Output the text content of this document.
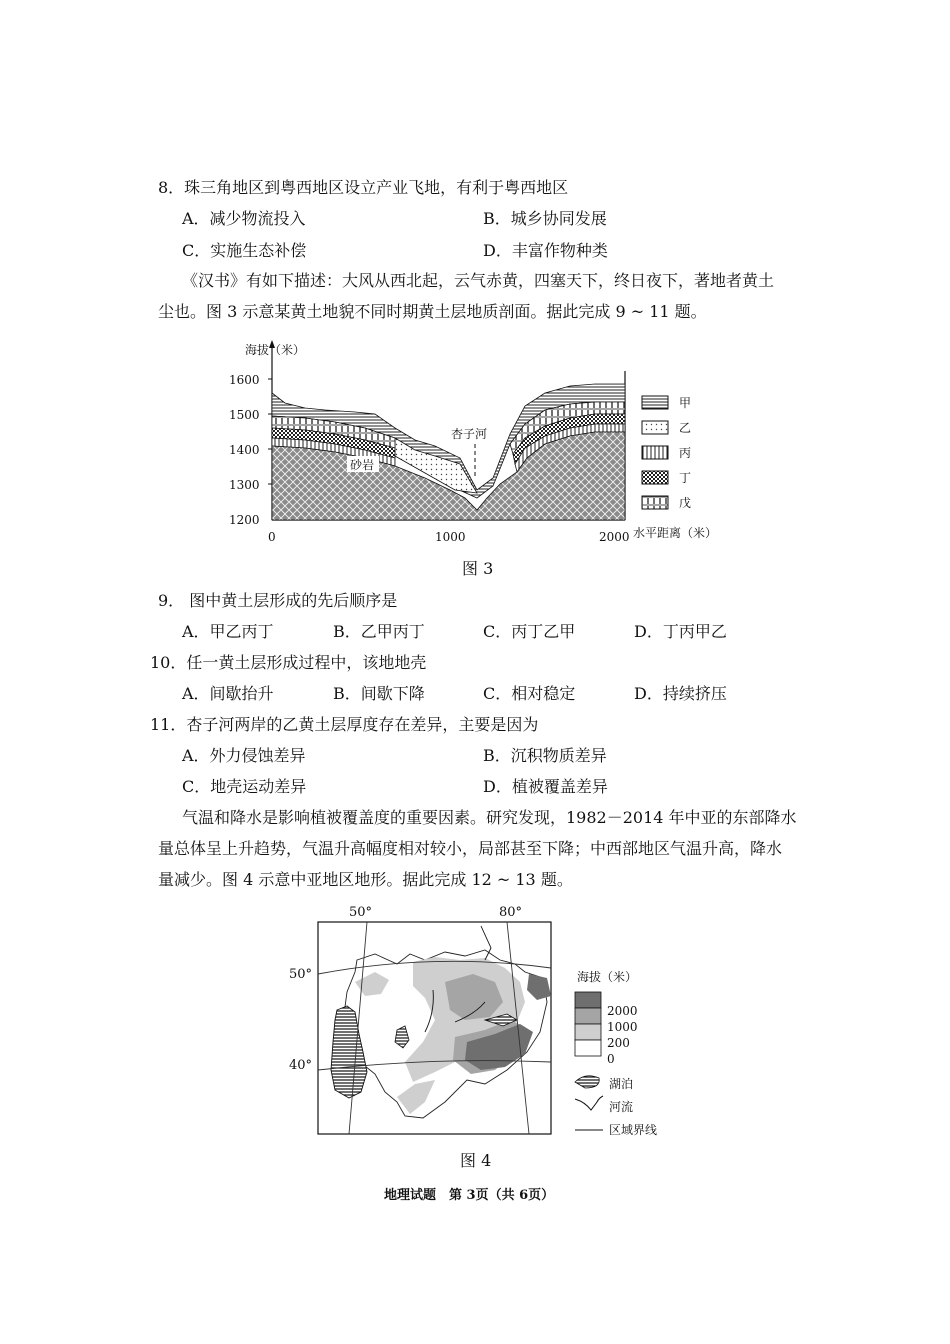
8．珠三角地区到粤西地区设立产业飞地，有利于粤西地区
A．减少物流投入	B．城乡协同发展
C．实施生态补偿	D．丰富作物种类
《汉书》有如下描述：大风从西北起，云气赤黄，四塞天下，终日夜下，著地者黄土
尘也。图 3 示意某黄土地貌不同时期黄土层地质剖面。据此完成 9 ~ 11 题。
海拔（米）
1600
1500
1400
1300
1200
0	1000	2000 水平距离（米）
砂岩
杏子河
甲
乙
丙
丁
戊
图 3
9． 图中黄土层形成的先后顺序是
A．甲乙丙丁	B．乙甲丙丁	C．丙丁乙甲	D．丁丙甲乙
10．任一黄土层形成过程中，该地地壳
A．间歇抬升	B．间歇下降	C．相对稳定	D．持续挤压
11．杏子河两岸的乙黄土层厚度存在差异，主要是因为
A．外力侵蚀差异	B．沉积物质差异
C．地壳运动差异	D．植被覆盖差异
气温和降水是影响植被覆盖度的重要因素。研究发现，1982－2014 年中亚的东部降水
量总体呈上升趋势，气温升高幅度相对较小，局部甚至下降；中西部地区气温升高，降水
量减少。图 4 示意中亚地区地形。据此完成 12 ~ 13 题。
50°	80°
50°
40°
海拔（米）
2000
1000
200
0
湖泊
河流
区域界线
图 4
地理试题　第 3页（共 6页）
